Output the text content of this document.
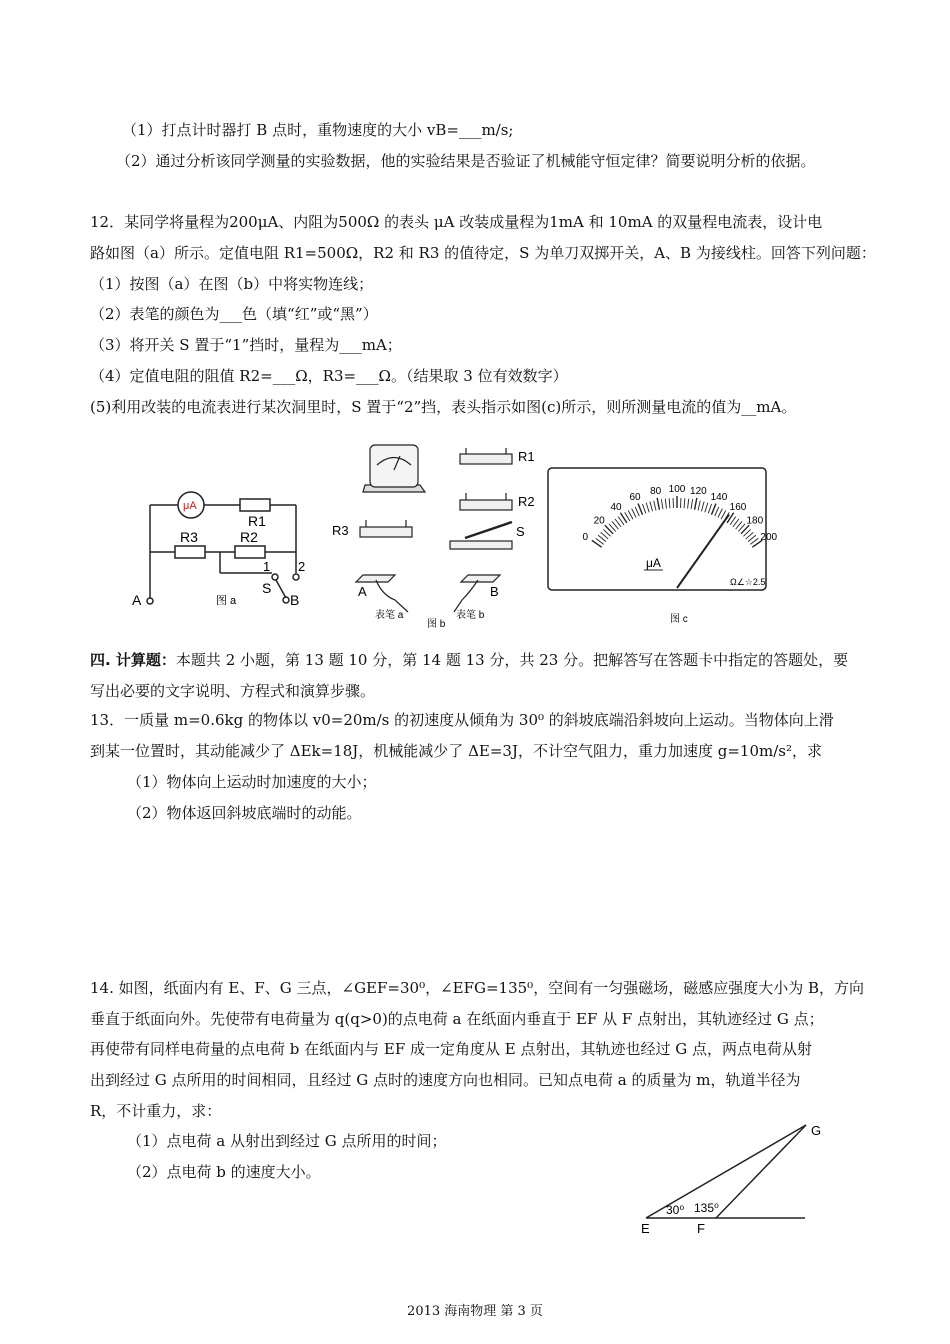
（1）打点计时器打 B 点时，重物速度的大小 vB=___m/s;
（2）通过分析该同学测量的实验数据，他的实验结果是否验证了机械能守恒定律？简要说明分析的依据。
12．某同学将量程为200μA、内阻为500Ω 的表头 μA 改装成量程为1mA 和 10mA 的双量程电流表，设计电
路如图（a）所示。定值电阻 R1=500Ω，R2 和 R3 的值待定，S 为单刀双掷开关，A、B 为接线柱。回答下列问题：
（1）按图（a）在图（b）中将实物连线；
（2）表笔的颜色为___色（填“红”或“黑”）
（3）将开关 S 置于“1”挡时，量程为___mA；
（4）定值电阻的阻值 R2=___Ω，R3=___Ω。（结果取 3 位有效数字）
(5)利用改装的电流表进行某次洞里时，S 置于“2”挡，表头指示如图(c)所示，则所测量电流的值为__mA。
μA
R1
R3	R2
1 2
S
B
A	图 a
R1
R2
R3	S
A	B
表笔 a	表笔 b
图 b
0
20
40
60
80 100 120
140
160
180
200
μA
Ω∠☆2.5
图 c
四. 计算题：本题共 2 小题，第 13 题 10 分，第 14 题 13 分，共 23 分。把解答写在答题卡中指定的答题处，要
写出必要的文字说明、方程式和演算步骤。
13．一质量 m=0.6kg 的物体以 v0=20m/s 的初速度从倾角为 30⁰ 的斜坡底端沿斜坡向上运动。当物体向上滑
到某一位置时，其动能减少了 ΔEk=18J，机械能减少了 ΔE=3J，不计空气阻力，重力加速度 g=10m/s²，求
（1）物体向上运动时加速度的大小；
（2）物体返回斜坡底端时的动能。
14. 如图，纸面内有 E、F、G 三点，∠GEF=30⁰，∠EFG=135⁰，空间有一匀强磁场，磁感应强度大小为 B，方向
垂直于纸面向外。先使带有电荷量为 q(q>0)的点电荷 a 在纸面内垂直于 EF 从 F 点射出，其轨迹经过 G 点；
再使带有同样电荷量的点电荷 b 在纸面内与 EF 成一定角度从 E 点射出，其轨迹也经过 G 点，两点电荷从射
出到经过 G 点所用的时间相同，且经过 G 点时的速度方向也相同。已知点电荷 a 的质量为 m，轨道半径为
R，不计重力，求：
（1）点电荷 a 从射出到经过 G 点所用的时间；
（2）点电荷 b 的速度大小。
G
E	F
30⁰ 135⁰
2013 海南物理 第 3 页
